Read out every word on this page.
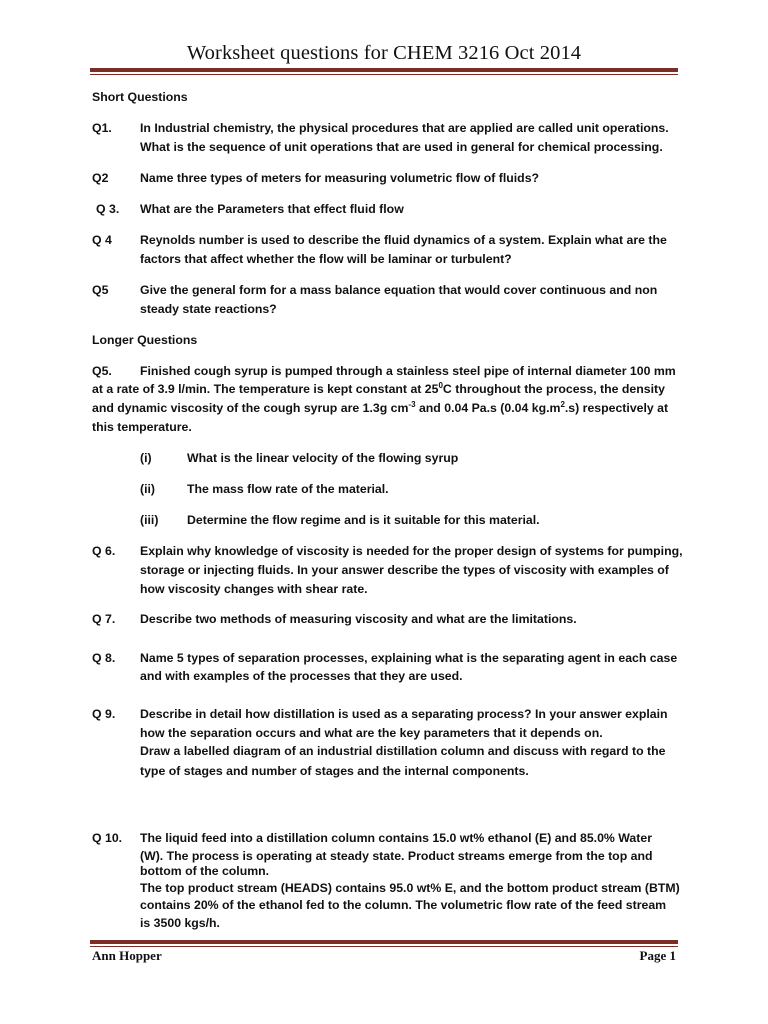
Worksheet questions for CHEM 3216 Oct 2014
Short Questions
Q1. In Industrial chemistry, the physical procedures that are applied are called unit operations.
What is the sequence of unit operations that are used in general for chemical processing.
Q2	Name three types of meters for measuring volumetric flow of fluids?
Q 3. What are the Parameters that effect fluid flow
Q 4 Reynolds number is used to describe the fluid dynamics of a system. Explain what are the
factors that affect whether the flow will be laminar or turbulent?
Q5	Give the general form for a mass balance equation that would cover continuous and non
steady state reactions?
Longer Questions
Q5. Finished cough syrup is pumped through a stainless steel pipe of internal diameter 100 mm
at a rate of 3.9 l/min. The temperature is kept constant at $25^0C$ throughout the process, the density
and dynamic viscosity of the cough syrup are 1.3g $cm^{-3}$ and 0.04 Pa.s (0.04 $kg.m^2.s$) respectively at
this temperature.
(i)	What is the linear velocity of the flowing syrup
(ii)	The mass flow rate of the material.
(iii) Determine the flow regime and is it suitable for this material.
Q 6. Explain why knowledge of viscosity is needed for the proper design of systems for pumping,
storage or injecting fluids. In your answer describe the types of viscosity with examples of
how viscosity changes with shear rate.
Q 7. Describe two methods of measuring viscosity and what are the limitations.
Q 8. Name 5 types of separation processes, explaining what is the separating agent in each case
and with examples of the processes that they are used.
Q 9. Describe in detail how distillation is used as a separating process? In your answer explain
how the separation occurs and what are the key parameters that it depends on.
Draw a labelled diagram of an industrial distillation column and discuss with regard to the
type of stages and number of stages and the internal components.
Q 10. The liquid feed into a distillation column contains 15.0 wt% ethanol (E) and 85.0% Water
(W). The process is operating at steady state. Product streams emerge from the top and
bottom of the column.
The top product stream (HEADS) contains 95.0 wt% E, and the bottom product stream (BTM)
contains 20% of the ethanol fed to the column. The volumetric flow rate of the feed stream
is 3500 kgs/h.
Ann Hopper	Page 1
